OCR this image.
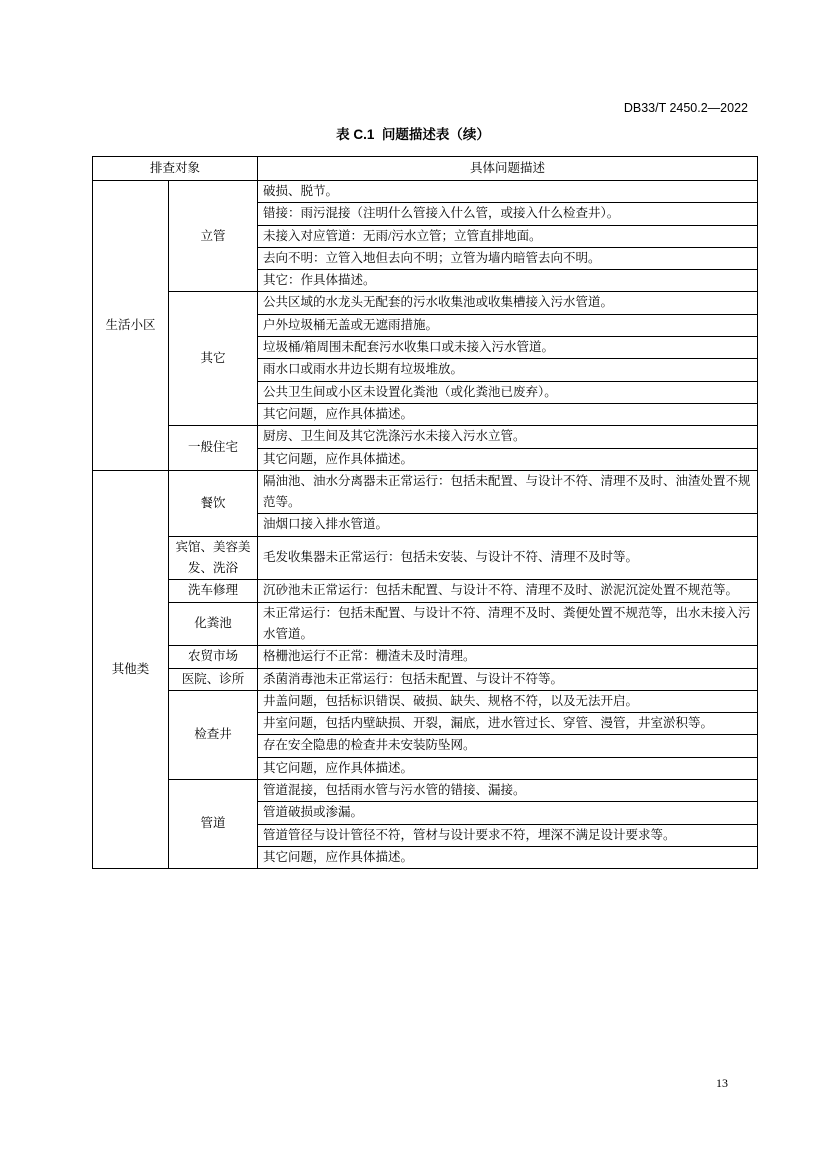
DB33/T 2450.2—2022
表 C.1  问题描述表（续）
排查对象		具体问题描述
生活小区	立管	破损、脱节。
		错接：雨污混接（注明什么管接入什么管，或接入什么检查井）。
		未接入对应管道：无雨/污水立管；立管直排地面。
		去向不明：立管入地但去向不明；立管为墙内暗管去向不明。
		其它：作具体描述。
	其它	公共区域的水龙头无配套的污水收集池或收集槽接入污水管道。
		户外垃圾桶无盖或无遮雨措施。
		垃圾桶/箱周围未配套污水收集口或未接入污水管道。
		雨水口或雨水井边长期有垃圾堆放。
		公共卫生间或小区未设置化粪池（或化粪池已废弃）。
		其它问题，应作具体描述。
	一般住宅	厨房、卫生间及其它洗涤污水未接入污水立管。
		其它问题，应作具体描述。
其他类	餐饮	隔油池、油水分离器未正常运行：包括未配置、与设计不符、清理不及时、油渣处置不规范等。
		油烟口接入排水管道。
	宾馆、美容美发、洗浴	毛发收集器未正常运行：包括未安装、与设计不符、清理不及时等。
	洗车修理	沉砂池未正常运行：包括未配置、与设计不符、清理不及时、淤泥沉淀处置不规范等。
	化粪池	未正常运行：包括未配置、与设计不符、清理不及时、粪便处置不规范等，出水未接入污水管道。
	农贸市场	格栅池运行不正常：栅渣未及时清理。
	医院、诊所	杀菌消毒池未正常运行：包括未配置、与设计不符等。
	检查井	井盖问题，包括标识错误、破损、缺失、规格不符，以及无法开启。
		井室问题，包括内壁缺损、开裂，漏底，进水管过长、穿管、漫管，井室淤积等。
		存在安全隐患的检查井未安装防坠网。
		其它问题，应作具体描述。
	管道	管道混接，包括雨水管与污水管的错接、漏接。
		管道破损或渗漏。
		管道管径与设计管径不符，管材与设计要求不符，埋深不满足设计要求等。
		其它问题，应作具体描述。
13
